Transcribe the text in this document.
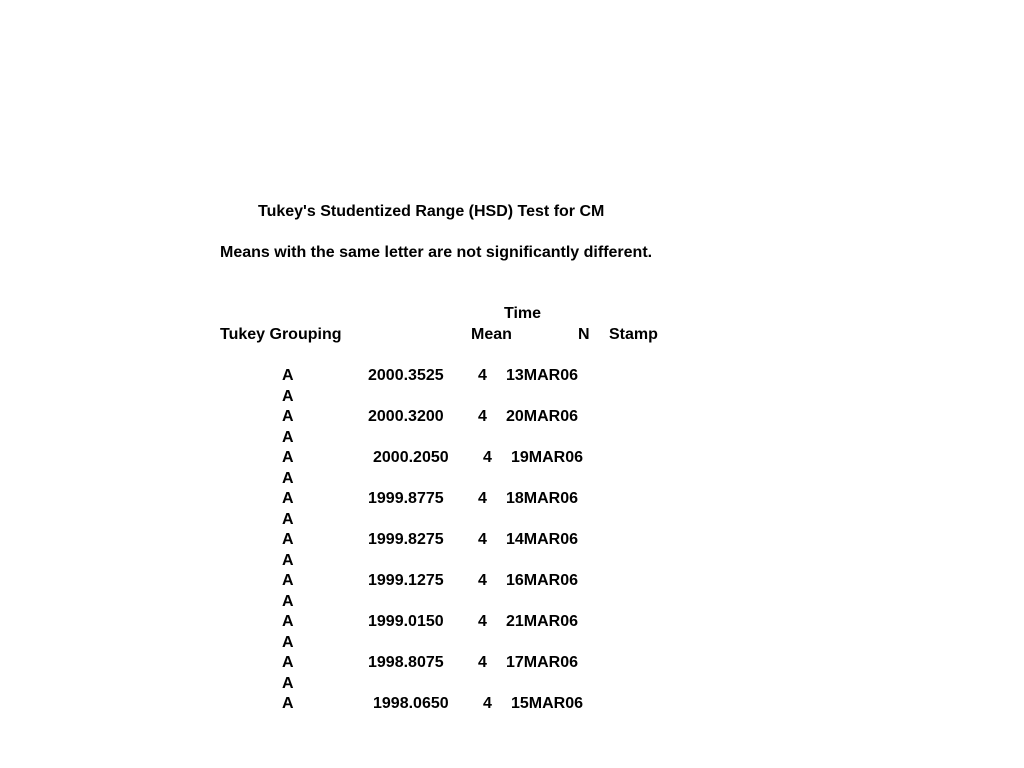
Tukey's Studentized Range (HSD) Test for CM
Means with the same letter are not significantly different.
Time
Tukey Grouping	Mean	N Stamp
A	2000.3525 4 13MAR06
A
A	2000.3200 4 20MAR06
A
A	2000.2050 4 19MAR06
A
A	1999.8775 4 18MAR06
A
A	1999.8275 4 14MAR06
A
A	1999.1275 4 16MAR06
A
A	1999.0150 4 21MAR06
A
A	1998.8075 4 17MAR06
A
A	1998.0650 4 15MAR06
